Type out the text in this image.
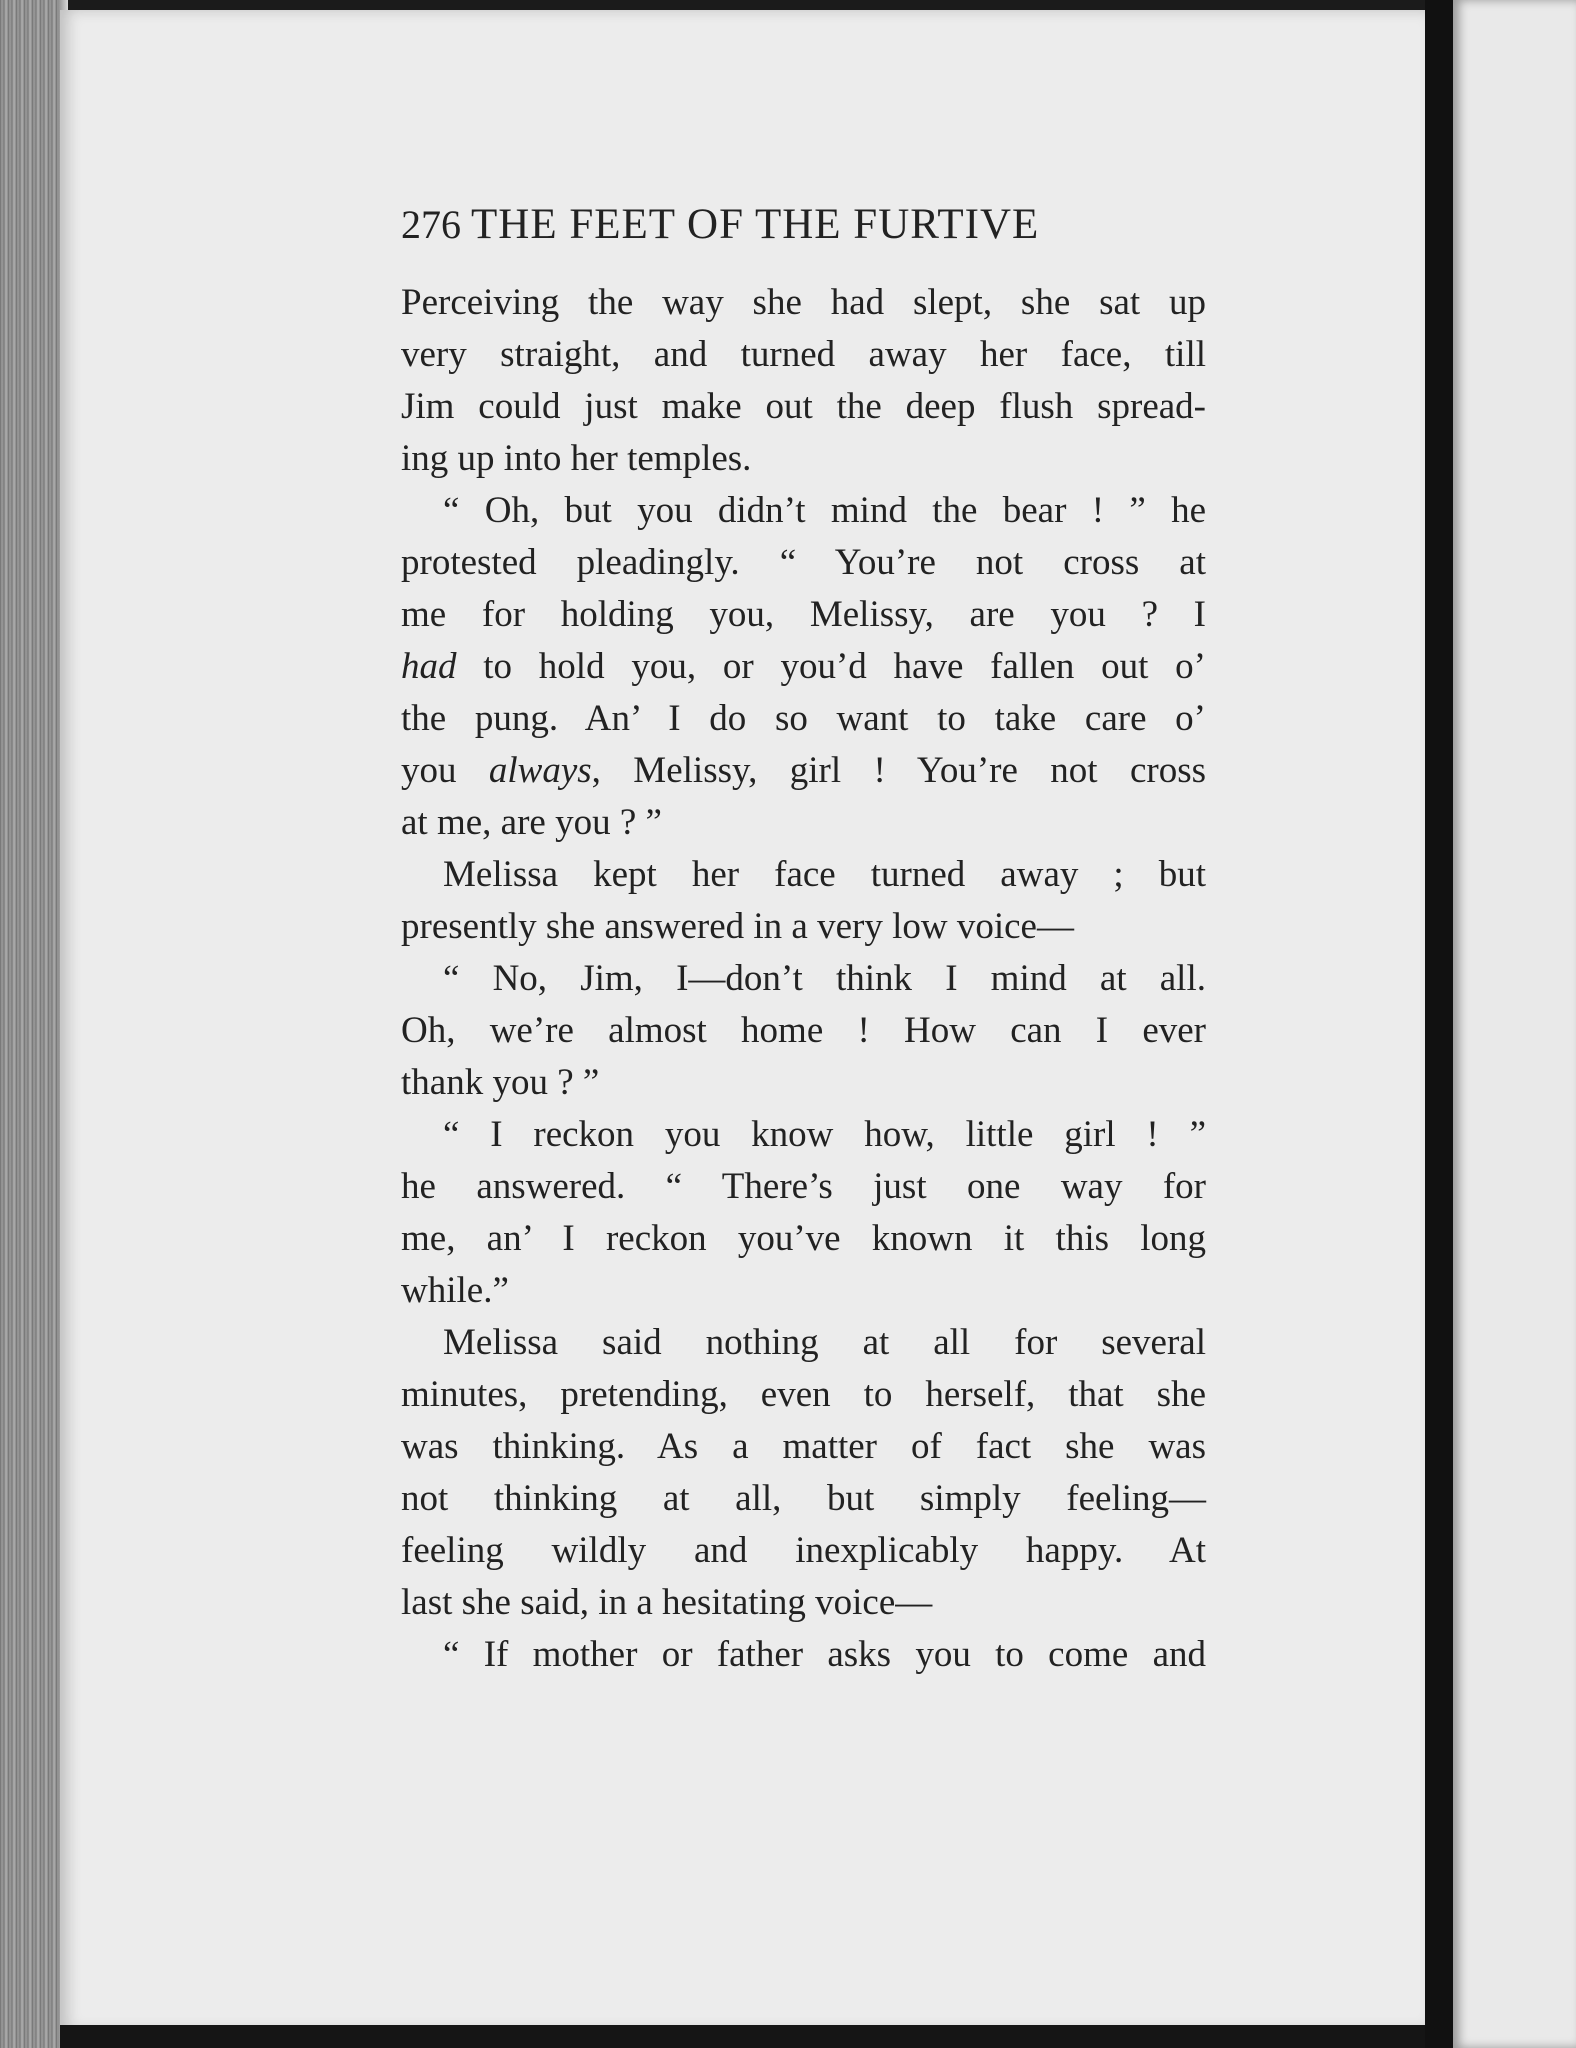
276 THE FEET OF THE FURTIVE
Perceiving the way she had slept, she sat up
very straight, and turned away her face, till
Jim could just make out the deep flush spread-
ing up into her temples.
“ Oh, but you didn’t mind the bear ! ” he
protested pleadingly. “ You’re not cross at
me for holding you, Melissy, are you ? I
had to hold you, or you’d have fallen out o’
the pung. An’ I do so want to take care o’
you always, Melissy, girl ! You’re not cross
at me, are you ? ”
Melissa kept her face turned away ; but
presently she answered in a very low voice—
“ No, Jim, I—don’t think I mind at all.
Oh, we’re almost home ! How can I ever
thank you ? ”
“ I reckon you know how, little girl ! ”
he answered. “ There’s just one way for
me, an’ I reckon you’ve known it this long
while.”
Melissa said nothing at all for several
minutes, pretending, even to herself, that she
was thinking. As a matter of fact she was
not thinking at all, but simply feeling—
feeling wildly and inexplicably happy. At
last she said, in a hesitating voice—
“ If mother or father asks you to come and
